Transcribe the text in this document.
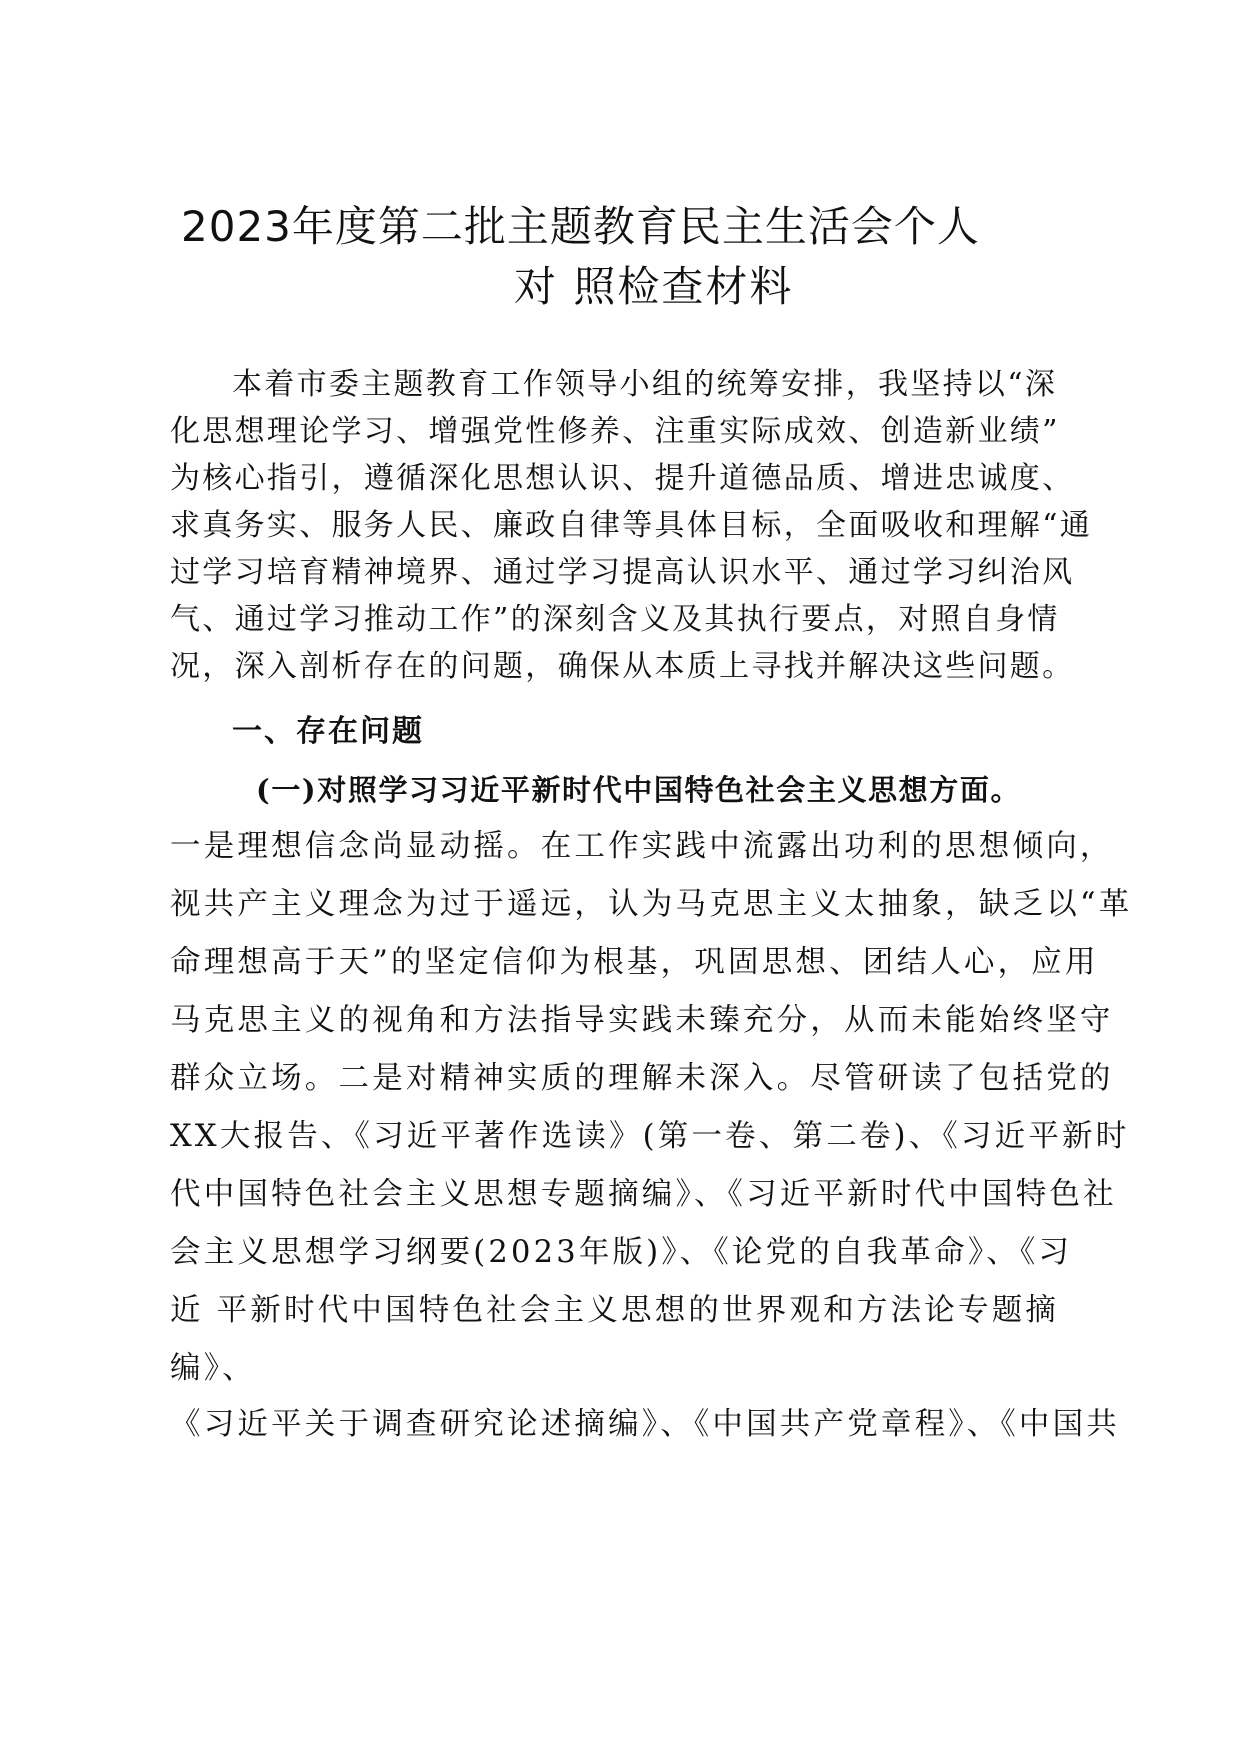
2023年度第二批主题教育民主生活会个人
对 照检查材料
本着市委主题教育工作领导小组的统筹安排，我坚持以“深
化思想理论学习、增强党性修养、注重实际成效、创造新业绩”
为核心指引，遵循深化思想认识、提升道德品质、增进忠诚度、
求真务实、服务人民、廉政自律等具体目标，全面吸收和理解“通
过学习培育精神境界、通过学习提高认识水平、通过学习纠治风
气、通过学习推动工作”的深刻含义及其执行要点，对照自身情
况，深入剖析存在的问题，确保从本质上寻找并解决这些问题。
一、存在问题
(一)对照学习习近平新时代中国特色社会主义思想方面。
一是理想信念尚显动摇。在工作实践中流露出功利的思想倾向，
视共产主义理念为过于遥远，认为马克思主义太抽象，缺乏以“革
命理想高于天”的坚定信仰为根基，巩固思想、团结人心，应用
马克思主义的视角和方法指导实践未臻充分，从而未能始终坚守
群众立场。二是对精神实质的理解未深入。尽管研读了包括党的
XX大报告、《习近平著作选读》(第一卷、第二卷)、《习近平新时
代中国特色社会主义思想专题摘编》、《习近平新时代中国特色社
会主义思想学习纲要(2023年版)》、《论党的自我革命》、《习
近 平新时代中国特色社会主义思想的世界观和方法论专题摘
编》、
《习近平关于调查研究论述摘编》、《中国共产党章程》、《中国共
